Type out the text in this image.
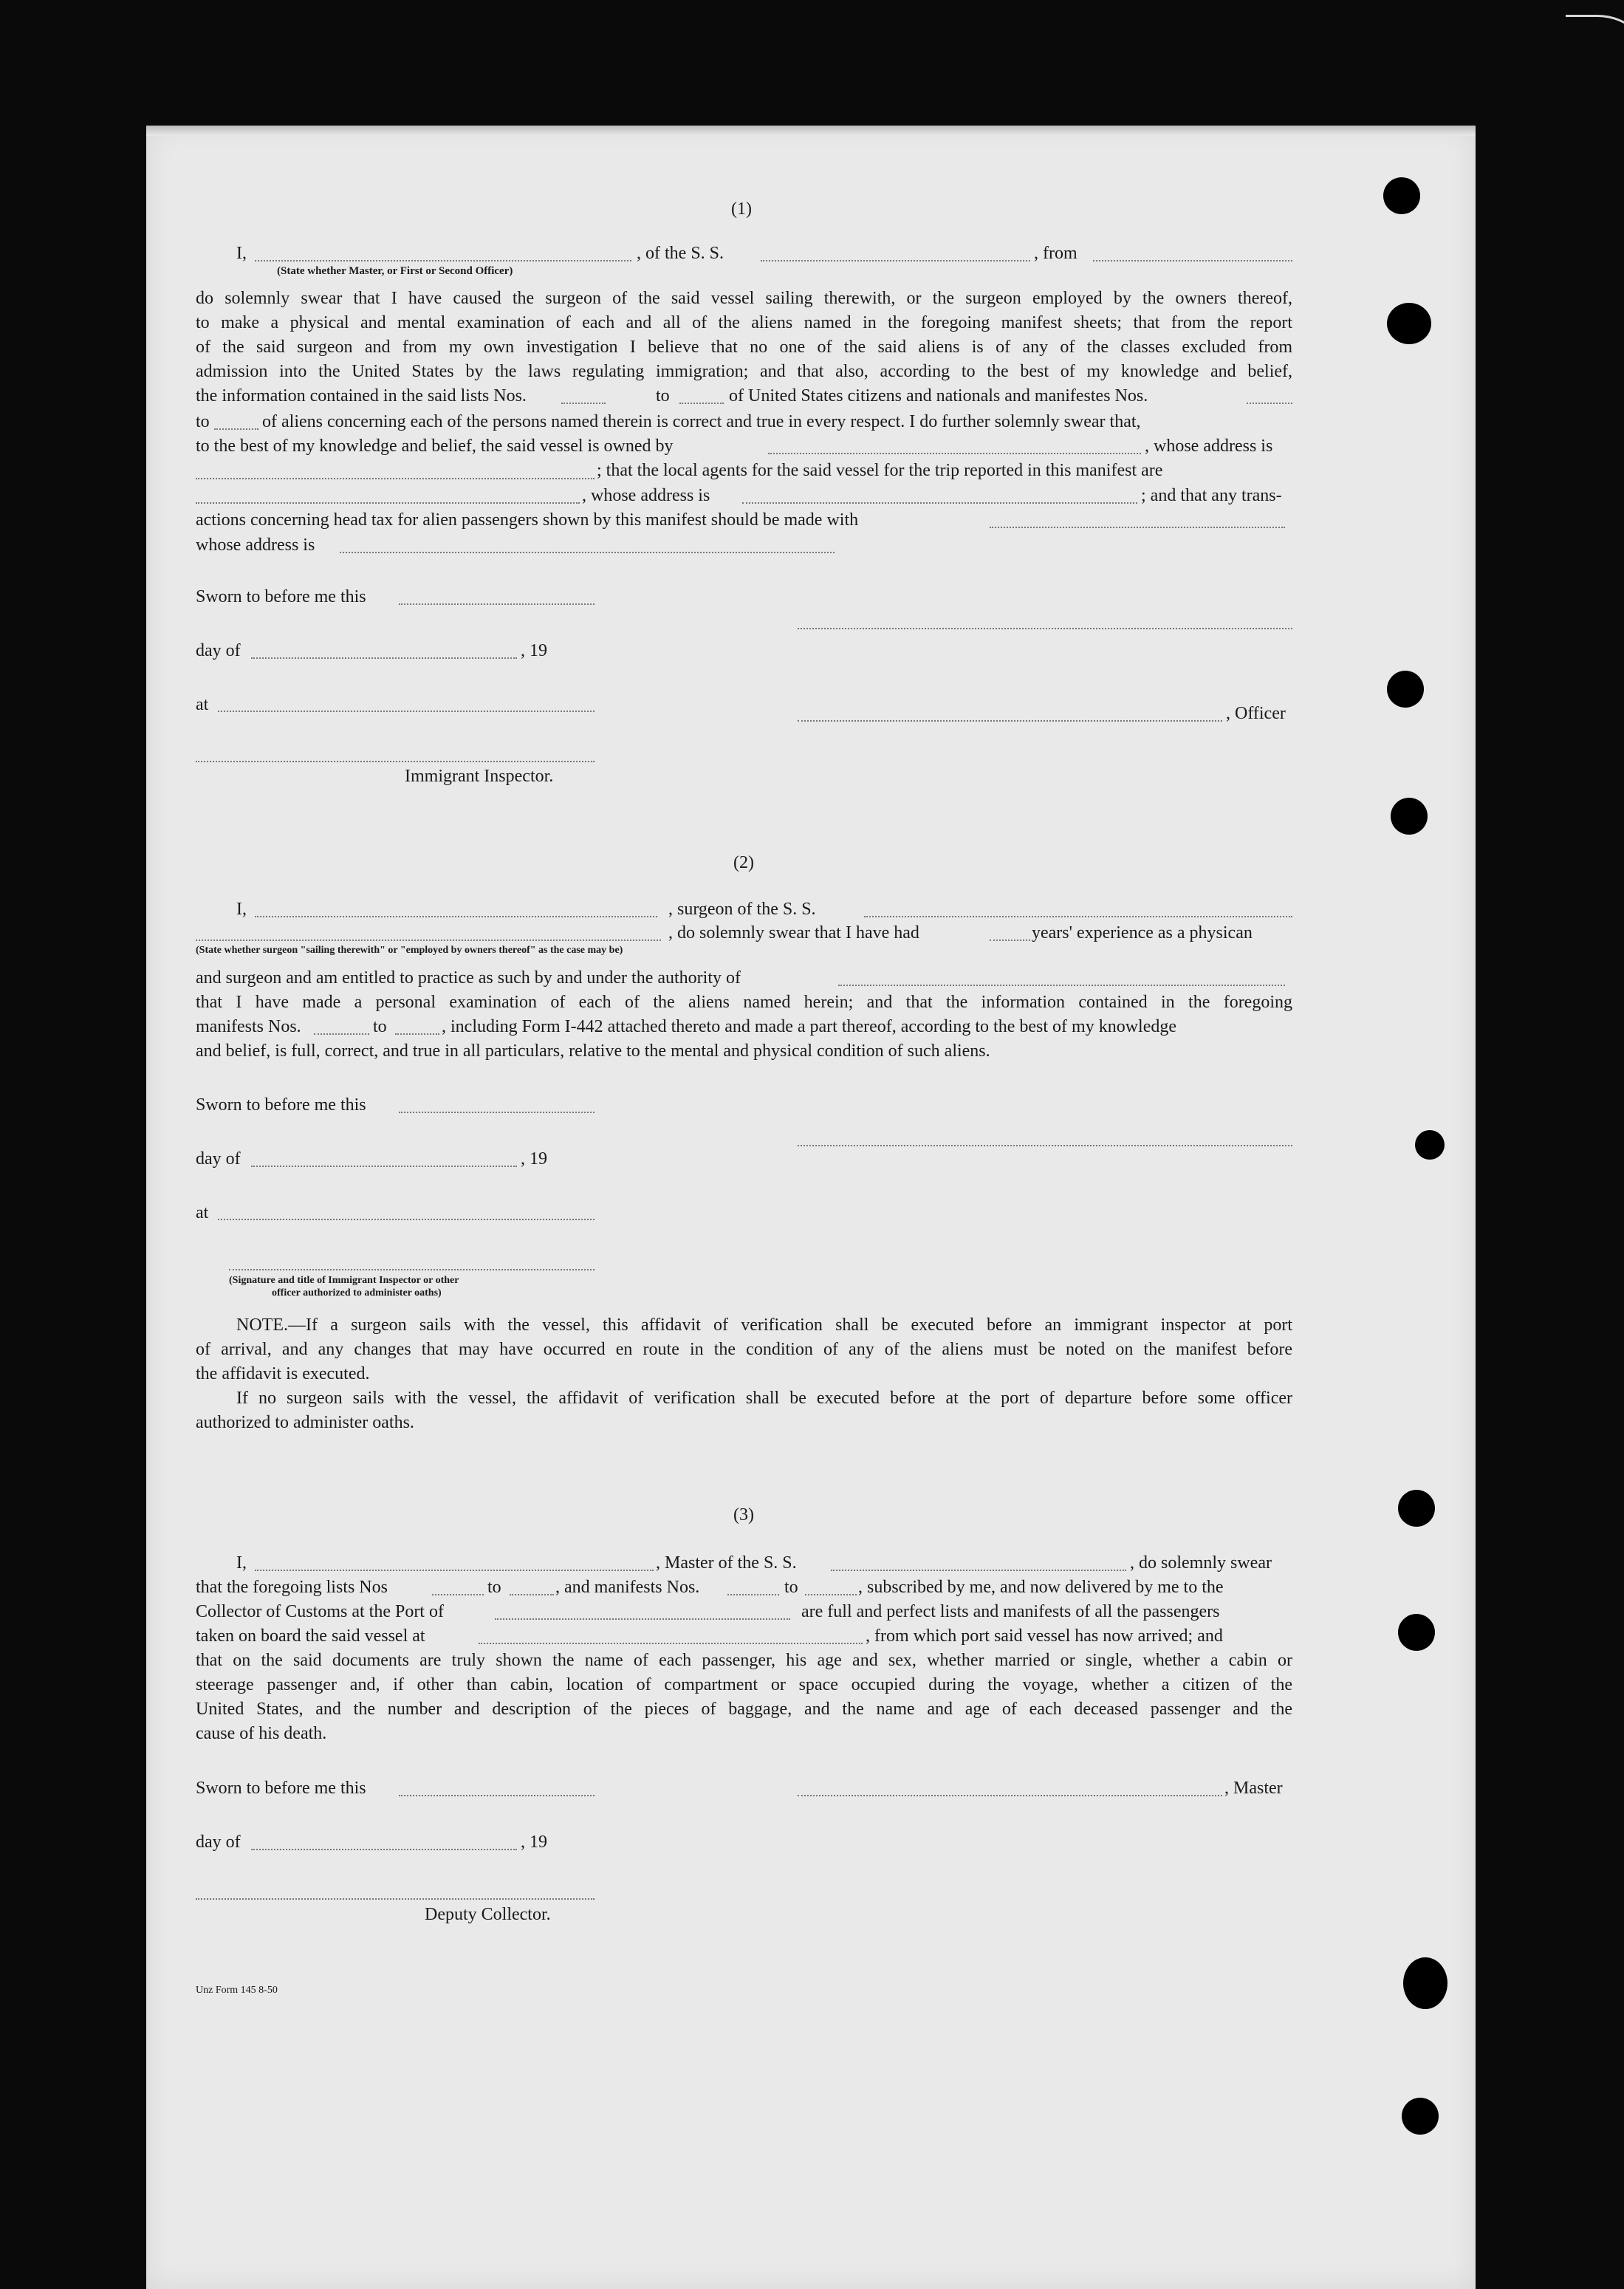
(1)
I,	, of the S. S.	, from
(State whether Master, or First or Second Officer)
do solemnly swear that I have caused the surgeon of the said vessel sailing therewith, or the surgeon employed by the owners thereof,
to make a physical and mental examination of each and all of the aliens named in the foregoing manifest sheets; that from the report
of the said surgeon and from my own investigation I believe that no one of the said aliens is of any of the classes excluded from
admission into the United States by the laws regulating immigration; and that also, according to the best of my knowledge and belief,
the information contained in the said lists Nos.	to	of United States citizens and nationals and manifestes Nos.
to	of aliens concerning each of the persons named therein is correct and true in every respect. I do further solemnly swear that,
to the best of my knowledge and belief, the said vessel is owned by	, whose address is
; that the local agents for the said vessel for the trip reported in this manifest are
, whose address is	; and that any trans-
actions concerning head tax for alien passengers shown by this manifest should be made with
whose address is
Sworn to before me this
day of	, 19
at	, Officer
Immigrant Inspector.
(2)
I,	, surgeon of the S. S.
, do solemnly swear that I have had	years' experience as a physican
(State whether surgeon "sailing therewith" or "employed by owners thereof" as the case may be)
and surgeon and am entitled to practice as such by and under the authority of
that I have made a personal examination of each of the aliens named herein; and that the information contained in the foregoing
manifests Nos.	to	, including Form I-442 attached thereto and made a part thereof, according to the best of my knowledge
and belief, is full, correct, and true in all particulars, relative to the mental and physical condition of such aliens.
Sworn to before me this
day of	, 19
at
(Signature and title of Immigrant Inspector or other
officer authorized to administer oaths)
NOTE.—If a surgeon sails with the vessel, this affidavit of verification shall be executed before an immigrant inspector at port
of arrival, and any changes that may have occurred en route in the condition of any of the aliens must be noted on the manifest before
the affidavit is executed.
If no surgeon sails with the vessel, the affidavit of verification shall be executed before at the port of departure before some officer
authorized to administer oaths.
(3)
I,	, Master of the S. S.	, do solemnly swear
that the foregoing lists Nos	to	, and manifests Nos.	to	, subscribed by me, and now delivered by me to the
Collector of Customs at the Port of	are full and perfect lists and manifests of all the passengers
taken on board the said vessel at	, from which port said vessel has now arrived; and
that on the said documents are truly shown the name of each passenger, his age and sex, whether married or single, whether a cabin or
steerage passenger and, if other than cabin, location of compartment or space occupied during the voyage, whether a citizen of the
United States, and the number and description of the pieces of baggage, and the name and age of each deceased passenger and the
cause of his death.
Sworn to before me this	, Master
day of	, 19
Deputy Collector.
Unz Form 145 8-50
